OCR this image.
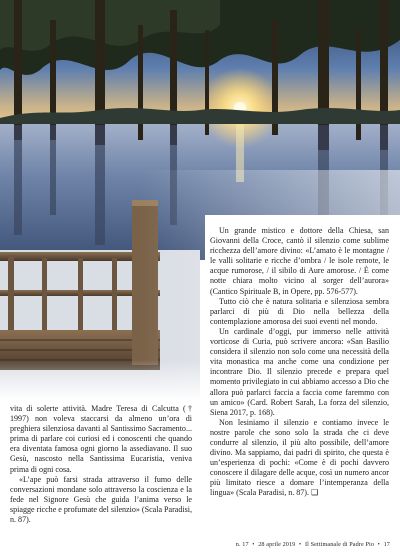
Un grande mistico e dottore della Chiesa, san Giovanni della Croce, cantò il silenzio come sublime ricchezza dell’amore divino: «L’amato è le montagne / le valli solitarie e ricche d’ombra / le isole remote, le acque rumorose, / il sibilo di Aure amorose. / È come notte chiara molto vicino al sorger dell’aurora» (Cantico Spirituale B, in Opere, pp. 576-577).

Tutto ciò che è natura solitaria e silenziosa sembra parlarci di più di Dio nella bellezza della contemplazione amorosa dei suoi eventi nel mondo.

Un cardinale d’oggi, pur immerso nelle attività vorticose di Curia, può scrivere ancora: «San Basilio considera il silenzio non solo come una necessità della vita monastica ma anche come una condizione per incontrare Dio. Il silenzio precede e prepara quel momento privilegiato in cui abbiamo accesso a Dio che allora può parlarci faccia a faccia come faremmo con un amico» (Card. Robert Sarah, La forza del silenzio, Siena 2017, p. 168).

Non lesiniamo il silenzio e contiamo invece le nostre parole che sono solo la strada che ci deve condurre al silenzio, il più alto possibile, dell’amore divino. Ma sappiamo, dai padri di spirito, che questa è un’esperienza di pochi: «Come è di pochi davvero conoscere il dilagare delle acque, così un numero ancor più limitato riesce a domare l’intemperanza della lingua» (Scala Paradisi, n. 87). ❑

vita di solerte attività. Madre Teresa di Calcutta († 1997) non voleva staccarsi da almeno un’ora di preghiera silenziosa davanti al Santissimo Sacramento... prima di parlare coi curiosi ed i conoscenti che quando era diventata famosa ogni giorno la assediavano. Il suo Gesù, nascosto nella Santissima Eucaristia, veniva prima di ogni cosa.

«L’ape può farsi strada attraverso il fumo delle conversazioni mondane solo attraverso la coscienza e la fede nel Signore Gesù che guida l’anima verso le spiagge ricche e profumate del silenzio» (Scala Paradisi, n. 87).

n. 17 • 28 aprile 2019 • Il Settimanale di Padre Pio • 17
